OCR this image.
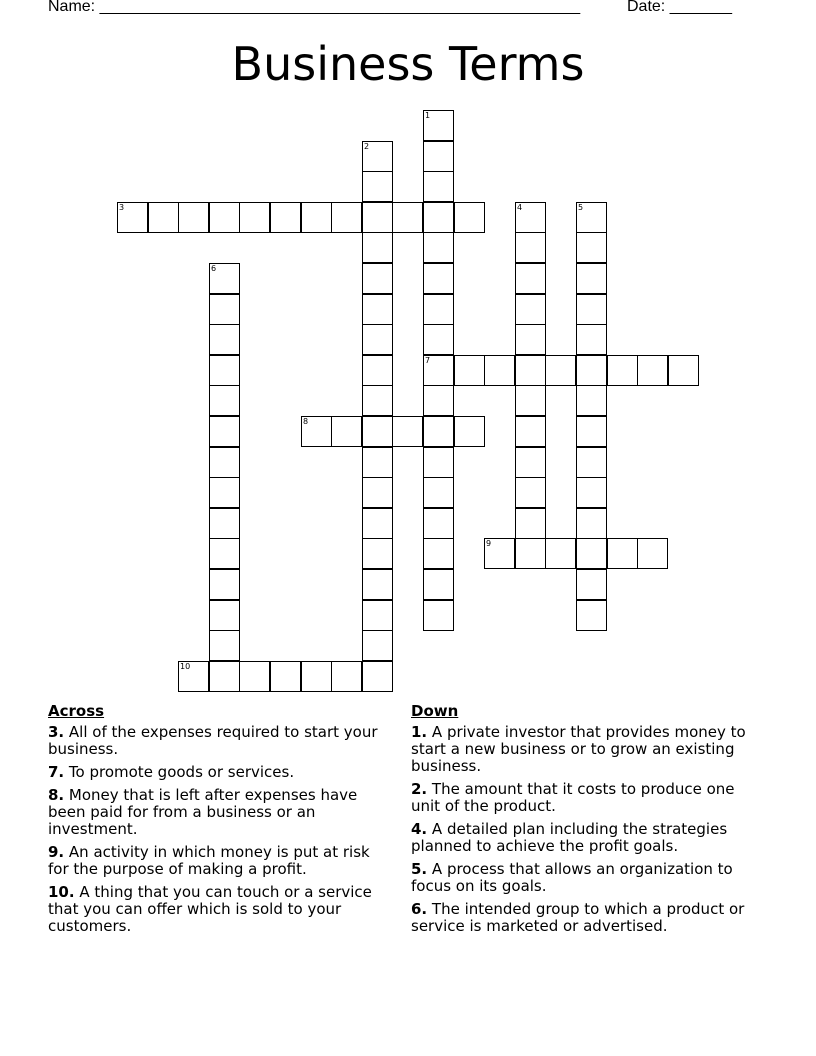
Name: ______________________________________________________

	Date: _______

Business Terms
1
7
2
3	4	5
6
8
9
10
Across
3. All of the expenses required to start your business.
7. To promote goods or services.
8. Money that is left after expenses have been paid for from a business or an investment.
9. An activity in which money is put at risk for the purpose of making a profit.
10. A thing that you can touch or a service that you can offer which is sold to your customers.
Down
1. A private investor that provides money to start a new business or to grow an existing business.
2. The amount that it costs to produce one unit of the product.
4. A detailed plan including the strategies planned to achieve the profit goals.
5. A process that allows an organization to focus on its goals.
6. The intended group to which a product or service is marketed or advertised.
